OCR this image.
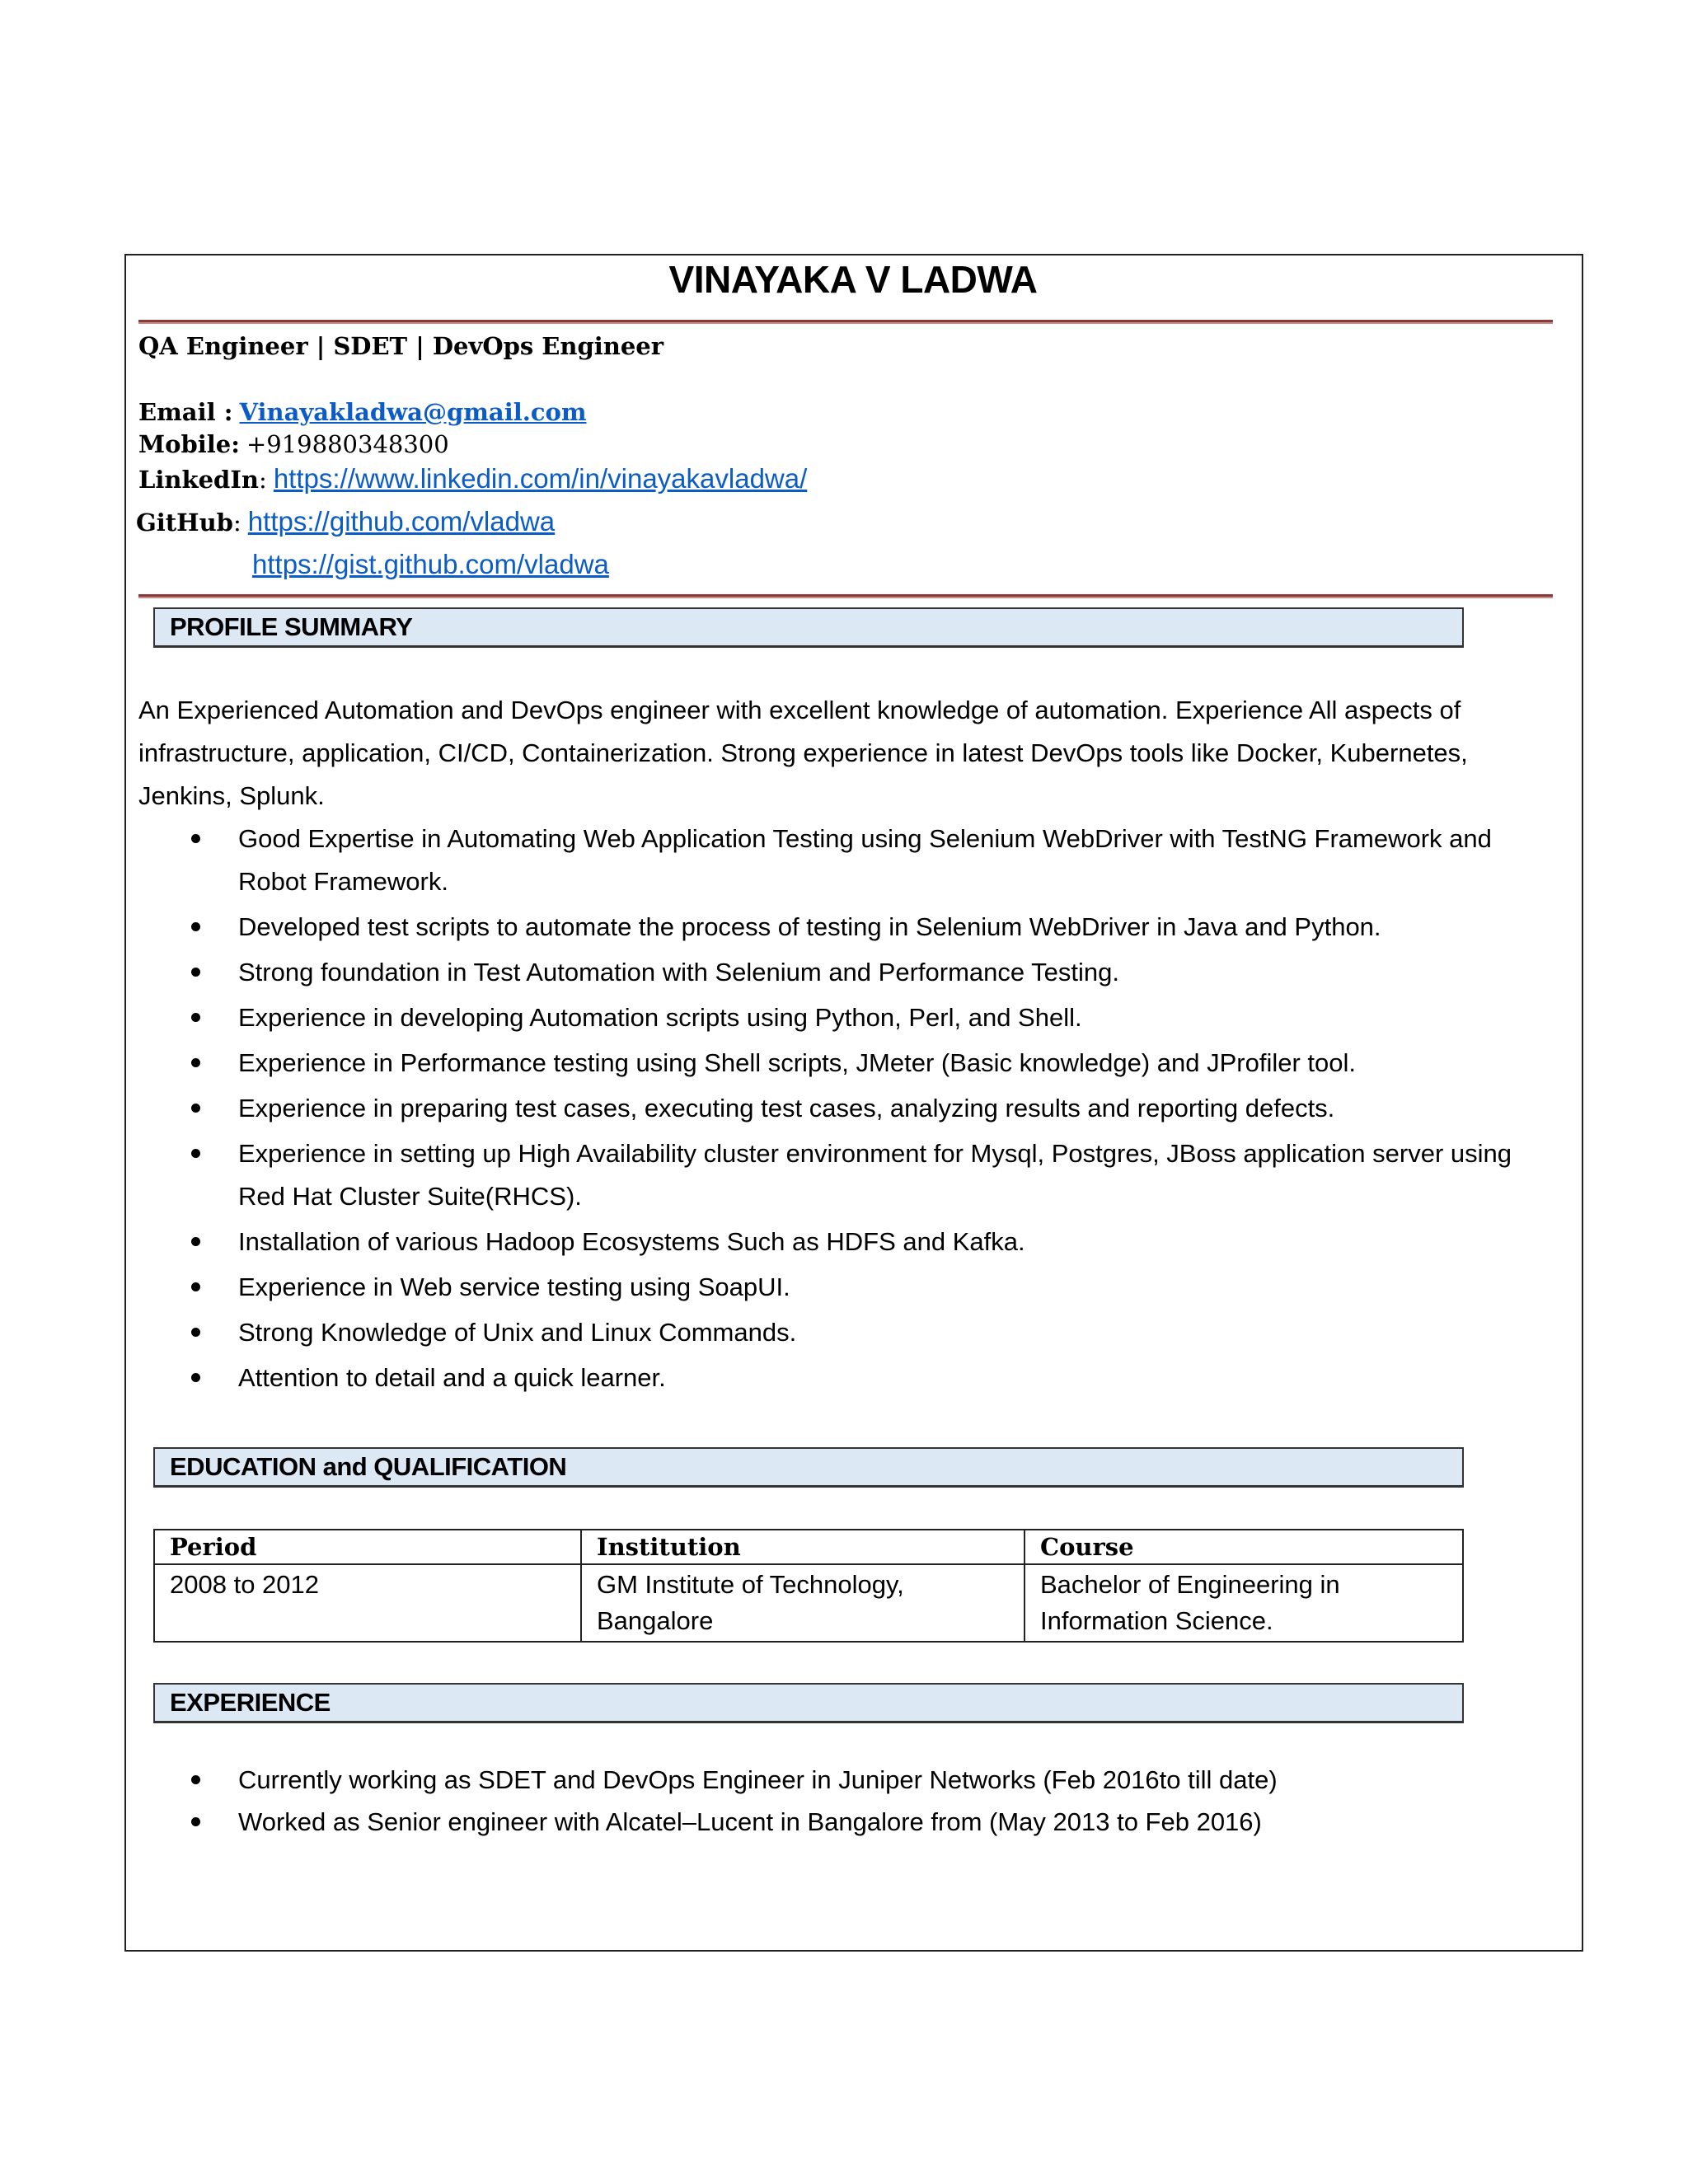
VINAYAKA V LADWA
QA Engineer | SDET | DevOps Engineer
Email : Vinayakladwa@gmail.com
Mobile: +919880348300
LinkedIn: https://www.linkedin.com/in/vinayakavladwa/
GitHub: https://github.com/vladwa
https://gist.github.com/vladwa
PROFILE SUMMARY
An Experienced Automation and DevOps engineer with excellent knowledge of automation. Experience All aspects of infrastructure, application, CI/CD, Containerization. Strong experience in latest DevOps tools like Docker, Kubernetes, Jenkins, Splunk.
Good Expertise in Automating Web Application Testing using Selenium WebDriver with TestNG Framework and Robot Framework.
Developed test scripts to automate the process of testing in Selenium WebDriver in Java and Python.
Strong foundation in Test Automation with Selenium and Performance Testing.
Experience in developing Automation scripts using Python, Perl, and Shell.
Experience in Performance testing using Shell scripts, JMeter (Basic knowledge) and JProfiler tool.
Experience in preparing test cases, executing test cases, analyzing results and reporting defects.
Experience in setting up High Availability cluster environment for Mysql, Postgres, JBoss application server using Red Hat Cluster Suite(RHCS).
Installation of various Hadoop Ecosystems Such as HDFS and Kafka.
Experience in Web service testing using SoapUI.
Strong Knowledge of Unix and Linux Commands.
Attention to detail and a quick learner.
EDUCATION and QUALIFICATION
Period	Institution	Course
2008 to 2012	GM Institute of Technology, Bangalore	Bachelor of Engineering in Information Science.
EXPERIENCE
Currently working as SDET and DevOps Engineer in Juniper Networks (Feb 2016to till date)
Worked as Senior engineer with Alcatel–Lucent in Bangalore from (May 2013 to Feb 2016)
